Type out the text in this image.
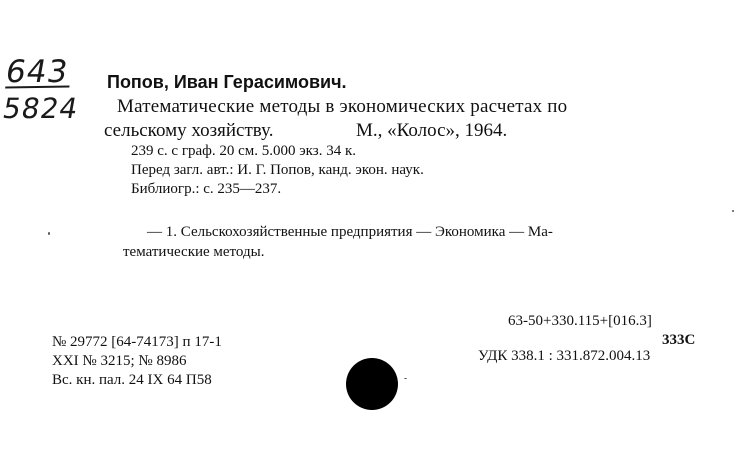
643
5824
Попов, Иван Герасимович.
Математические методы в экономических расчетах по
сельскому хозяйству.	М., «Колос», 1964.
239 с. с граф. 20 см. 5.000 экз. 34 к.
Перед загл. авт.: И. Г. Попов, канд. экон. наук.
Библиогр.: с. 235—237.
— 1. Сельскохозяйственные предприятия — Экономика — Ма-
тематические методы.
№ 29772 [64-74173] п 17-1
XXI № 3215; № 8986
Вс. кн. пал. 24 IX 64 П58
63-50+330.115+[016.3]
333С
УДК 338.1 : 331.872.004.13
